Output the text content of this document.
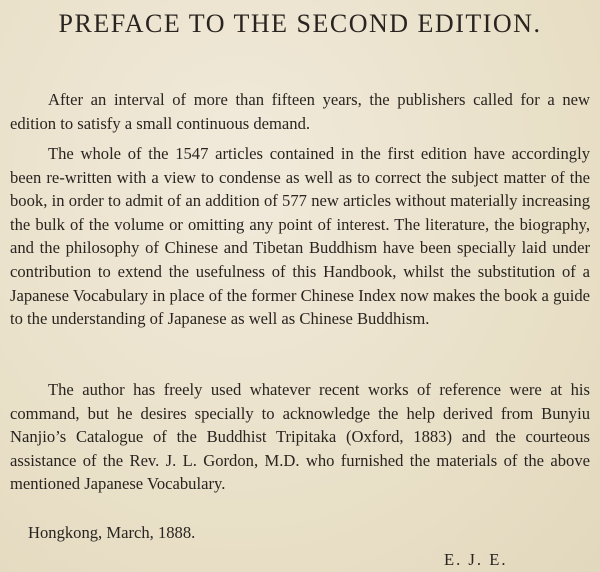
PREFACE TO THE SECOND EDITION.

After an interval of more than fifteen years, the publishers called for a new edition to satisfy a small continuous demand.

The whole of the 1547 articles contained in the first edition have accordingly been re-written with a view to condense as well as to correct the subject matter of the book, in order to admit of an addition of 577 new articles without materially increasing the bulk of the volume or omitting any point of interest. The literature, the biography, and the philosophy of Chinese and Tibetan Buddhism have been specially laid under contribution to extend the usefulness of this Handbook, whilst the substitution of a Japanese Vocabulary in place of the former Chinese Index now makes the book a guide to the understanding of Japanese as well as Chinese Buddhism.

The author has freely used whatever recent works of reference were at his command, but he desires specially to acknowledge the help derived from Bunyiu Nanjio’s Catalogue of the Buddhist Tripitaka (Oxford, 1883) and the courteous assistance of the Rev. J. L. Gordon, M.D. who furnished the materials of the above mentioned Japanese Vocabulary.

Hongkong, March, 1888.

E. J. E.
